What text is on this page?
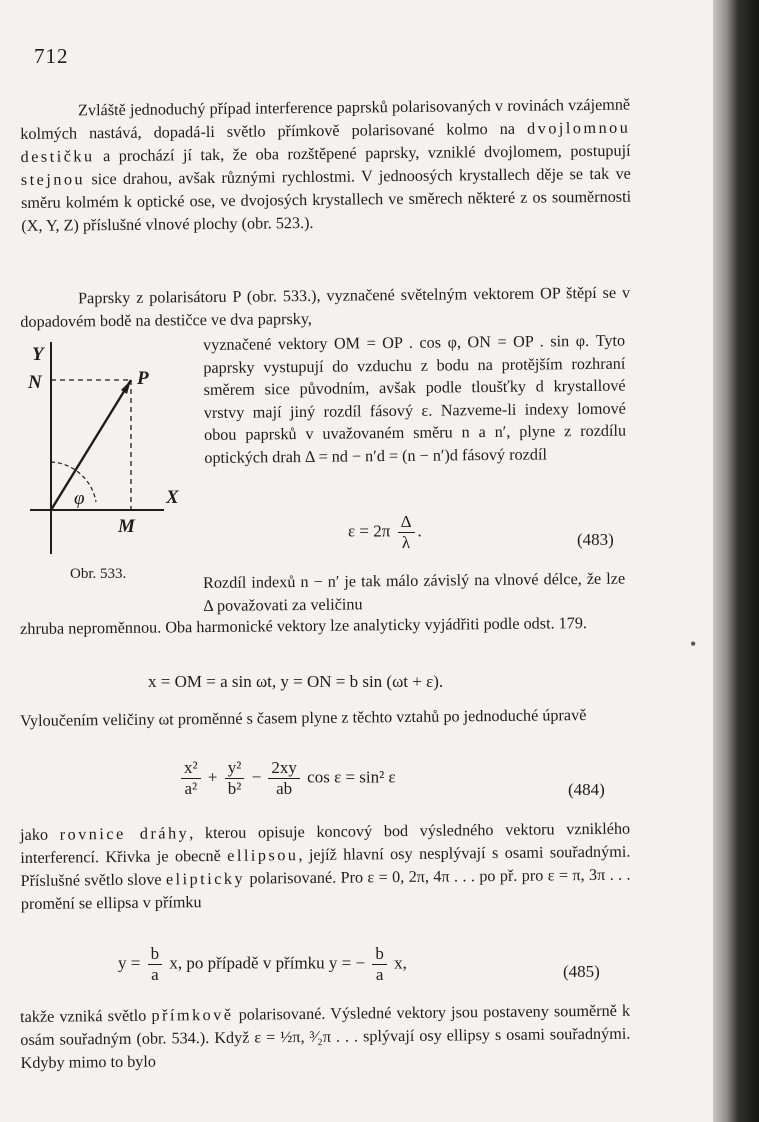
712

Zvláště jednoduchý případ interference paprsků polarisovaných v rovinách vzájemně kolmých nastává, dopadá-li světlo přímkově polarisované kolmo na dvojlomnou destičku a prochází jí tak, že oba rozštěpené paprsky, vzniklé dvojlomem, postupují stejnou sice drahou, avšak různými rychlostmi. V jednoosých krystallech děje se tak ve směru kolmém k optické ose, ve dvojosých krystallech ve směrech některé z os souměrnosti (X, Y, Z) příslušné vlnové plochy (obr. 523.).

Paprsky z polarisátoru P (obr. 533.), vyznačené světelným vektorem OP štěpí se v dopadovém bodě na destičce ve dva paprsky,
vyznačené vektory OM = OP . cos φ, ON = OP . sin φ. Tyto paprsky vystupují do vzduchu z bodu na protějším rozhraní směrem sice původním, avšak podle tloušťky d krystallové vrstvy mají jiný rozdíl fásový ε. Nazveme-li indexy lomové obou paprsků v uvažovaném směru n a n′, plyne z rozdílu optických drah Δ = nd − n′d = (n − n′)d fásový rozdíl
$\varepsilon = 2\pi \frac{\Delta}{\lambda}$ .	(483)
Y
N	P
X
M
φ
Obr. 533.	Rozdíl indexů n − n′ je tak málo závislý na vlnové délce, že lze Δ považovati za veličinu
zhruba neproměnnou. Oba harmonické vektory lze analyticky vyjádřiti podle odst. 179.
x = OM = a sin ωt, y = ON = b sin (ωt + ε).
Vyloučením veličiny ωt proměnné s časem plyne z těchto vztahů po jednoduché úpravě
$\frac{\text{x²}}{\text{a²}} + \frac{\text{y²}}{\text{b²}} - \frac{2xy}{ab}$ cos ε = sin² ε
(484)

jako rovnice dráhy, kterou opisuje koncový bod výsledného vektoru vzniklého interferencí. Křivka je obecně ellipsou, jejíž hlavní osy nesplývají s osami souřadnými. Příslušné světlo slove elipticky polarisované. Pro ε = 0, 2π, 4π . . . po př. pro ε = π, 3π . . . promění se ellipsa v přímku

$y = \frac{b}{a} x$, po případě v přímku y = − $\frac{b}{a} x$,	(485)

takže vzniká světlo přímkově polarisované. Výsledné vektory jsou postaveny souměrně k osám souřadným (obr. 534.). Když ε = ½π, ³⁄₂π . . . splývají osy ellipsy s osami souřadnými. Kdyby mimo to bylo

•
